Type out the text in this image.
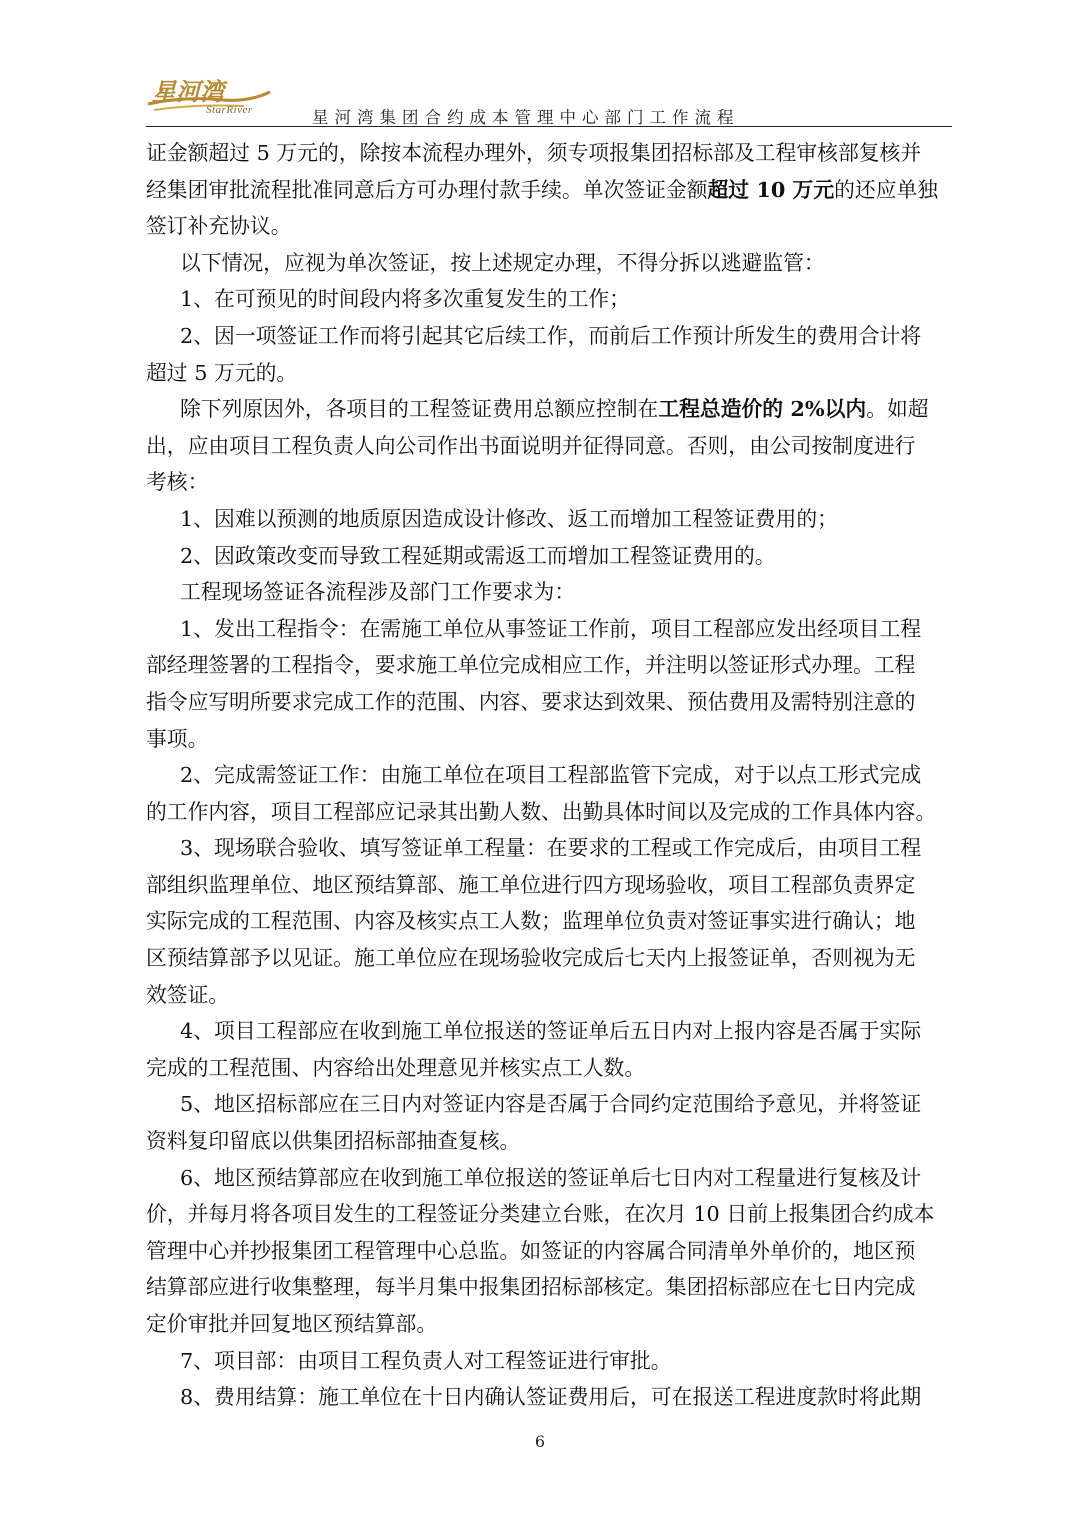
星河湾
StarRiver	星河湾集团合约成本管理中心部门工作流程

证金额超过 5 万元的，除按本流程办理外，须专项报集团招标部及工程审核部复核并

经集团审批流程批准同意后方可办理付款手续。单次签证金额超过 10 万元的还应单独

签订补充协议。

以下情况，应视为单次签证，按上述规定办理，不得分拆以逃避监管：

1、在可预见的时间段内将多次重复发生的工作；

2、因一项签证工作而将引起其它后续工作，而前后工作预计所发生的费用合计将

超过 5 万元的。

除下列原因外，各项目的工程签证费用总额应控制在工程总造价的 2%以内。如超

出，应由项目工程负责人向公司作出书面说明并征得同意。否则，由公司按制度进行

考核：

1、因难以预测的地质原因造成设计修改、返工而增加工程签证费用的；

2、因政策改变而导致工程延期或需返工而增加工程签证费用的。

工程现场签证各流程涉及部门工作要求为：

1、发出工程指令：在需施工单位从事签证工作前，项目工程部应发出经项目工程

部经理签署的工程指令，要求施工单位完成相应工作，并注明以签证形式办理。工程

指令应写明所要求完成工作的范围、内容、要求达到效果、预估费用及需特别注意的

事项。

2、完成需签证工作：由施工单位在项目工程部监管下完成，对于以点工形式完成

的工作内容，项目工程部应记录其出勤人数、出勤具体时间以及完成的工作具体内容。

3、现场联合验收、填写签证单工程量：在要求的工程或工作完成后，由项目工程

部组织监理单位、地区预结算部、施工单位进行四方现场验收，项目工程部负责界定

实际完成的工程范围、内容及核实点工人数；监理单位负责对签证事实进行确认；地

区预结算部予以见证。施工单位应在现场验收完成后七天内上报签证单，否则视为无

效签证。

4、项目工程部应在收到施工单位报送的签证单后五日内对上报内容是否属于实际

完成的工程范围、内容给出处理意见并核实点工人数。

5、地区招标部应在三日内对签证内容是否属于合同约定范围给予意见，并将签证

资料复印留底以供集团招标部抽查复核。

6、地区预结算部应在收到施工单位报送的签证单后七日内对工程量进行复核及计

价，并每月将各项目发生的工程签证分类建立台账，在次月 10 日前上报集团合约成本

管理中心并抄报集团工程管理中心总监。如签证的内容属合同清单外单价的，地区预

结算部应进行收集整理，每半月集中报集团招标部核定。集团招标部应在七日内完成

定价审批并回复地区预结算部。

7、项目部：由项目工程负责人对工程签证进行审批。

8、费用结算：施工单位在十日内确认签证费用后，可在报送工程进度款时将此期

6
